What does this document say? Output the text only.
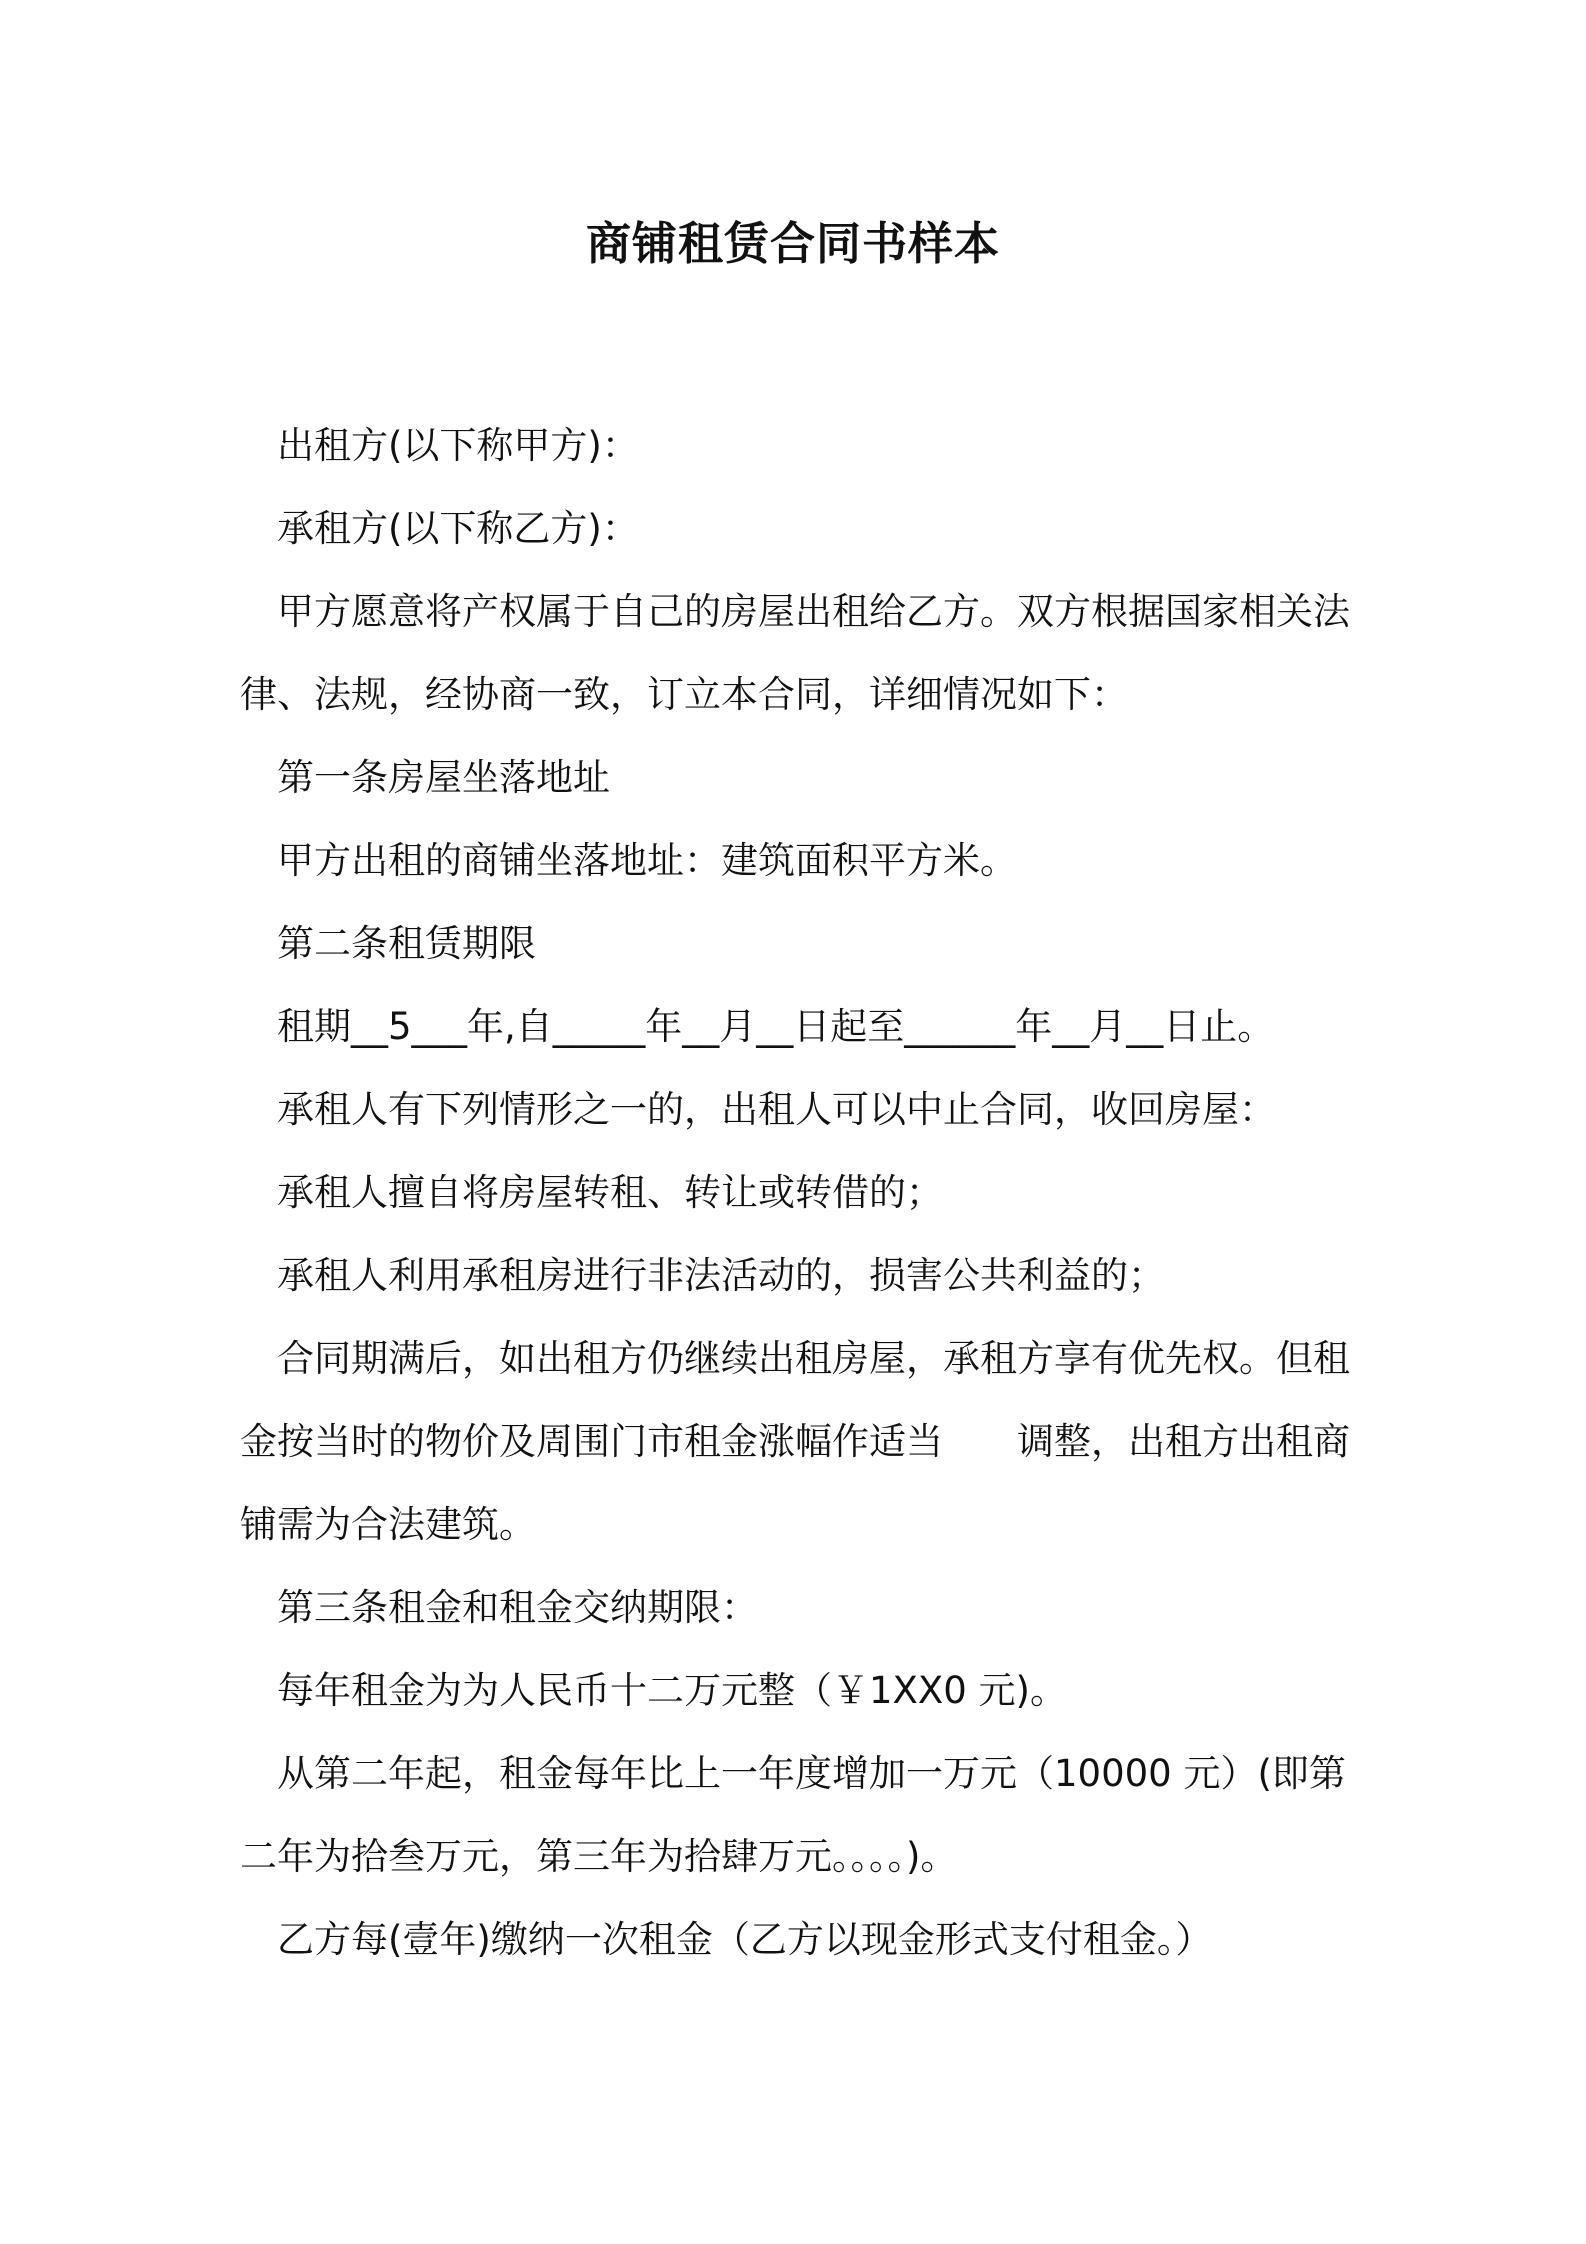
商铺租赁合同书样本

出租方(以下称甲方)：

承租方(以下称乙方)：

甲方愿意将产权属于自己的房屋出租给乙方。双方根据国家相关法律、法规，经协商一致，订立本合同，详细情况如下：

第一条房屋坐落地址

甲方出租的商铺坐落地址：建筑面积平方米。

第二条租赁期限

租期__5___年,自_____年__月__日起至______年__月__日止。

承租人有下列情形之一的，出租人可以中止合同，收回房屋：

承租人擅自将房屋转租、转让或转借的；

承租人利用承租房进行非法活动的，损害公共利益的；

合同期满后，如出租方仍继续出租房屋，承租方享有优先权。但租金按当时的物价及周围门市租金涨幅作适当 调整，出租方出租商铺需为合法建筑。

第三条租金和租金交纳期限：

每年租金为为人民币十二万元整（￥1XX0 元)。

从第二年起，租金每年比上一年度增加一万元（10000 元）(即第二年为拾叁万元，第三年为拾肆万元。。。。)。

乙方每(壹年)缴纳一次租金（乙方以现金形式支付租金。）
